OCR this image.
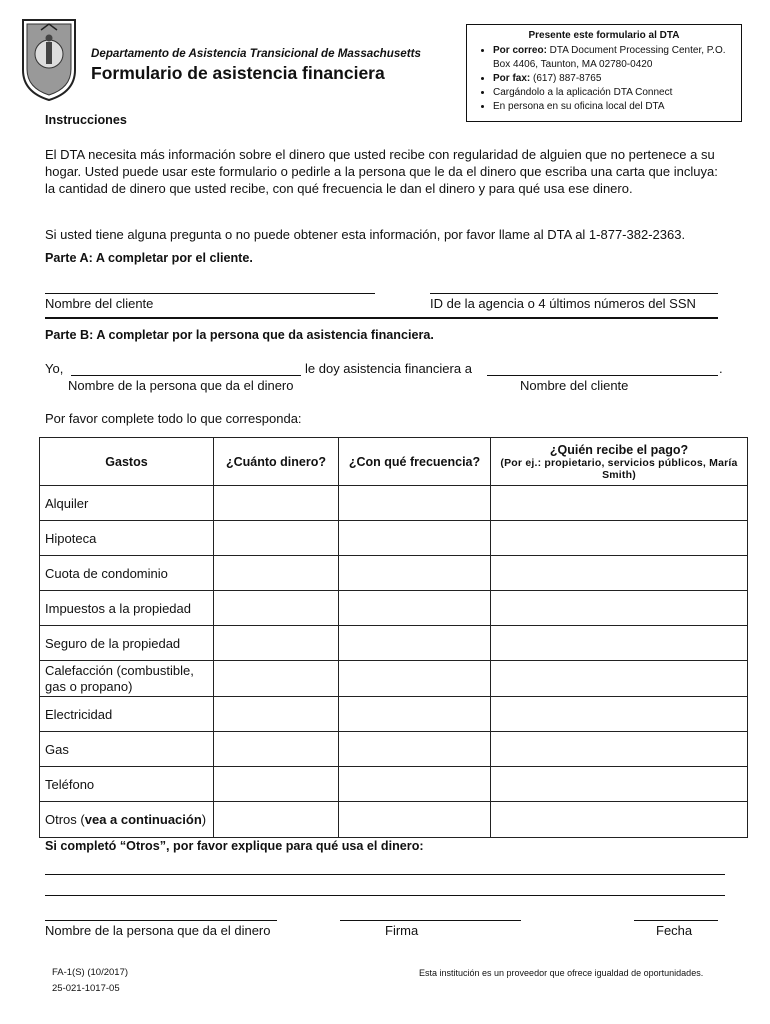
Departamento de Asistencia Transicional de Massachusetts
Formulario de asistencia financiera
Presente este formulario al DTA
• Por correo: DTA Document Processing Center, P.O. Box 4406, Taunton, MA 02780-0420
• Por fax: (617) 887-8765
• Cargándolo a la aplicación DTA Connect
• En persona en su oficina local del DTA
Instrucciones
El DTA necesita más información sobre el dinero que usted recibe con regularidad de alguien que no pertenece a su hogar. Usted puede usar este formulario o pedirle a la persona que le da el dinero que escriba una carta que incluya: la cantidad de dinero que usted recibe, con qué frecuencia le dan el dinero y para qué usa ese dinero.
Si usted tiene alguna pregunta o no puede obtener esta información, por favor llame al DTA al 1-877-382-2363.
Parte A: A completar por el cliente.
Nombre del cliente	ID de la agencia o 4 últimos números del SSN
Parte B: A completar por la persona que da asistencia financiera.
Yo,	le doy asistencia financiera a	.
Nombre de la persona que da el dinero	Nombre del cliente
Por favor complete todo lo que corresponda:
Gastos	¿Cuánto dinero?	¿Con qué frecuencia?	¿Quién recibe el pago?
(Por ej.: propietario, servicios públicos, María Smith)

Alquiler			
Hipoteca			
Cuota de condominio			
Impuestos a la propiedad			
Seguro de la propiedad			
Calefacción (combustible, gas o propano)			
Electricidad			
Gas			
Teléfono			
Otros (vea a continuación)			
Si completó “Otros”, por favor explique para qué usa el dinero:
Nombre de la persona que da el dinero	Firma	Fecha
FA-1(S) (10/2017)
25-021-1017-05
Esta institución es un proveedor que ofrece igualdad de oportunidades.
